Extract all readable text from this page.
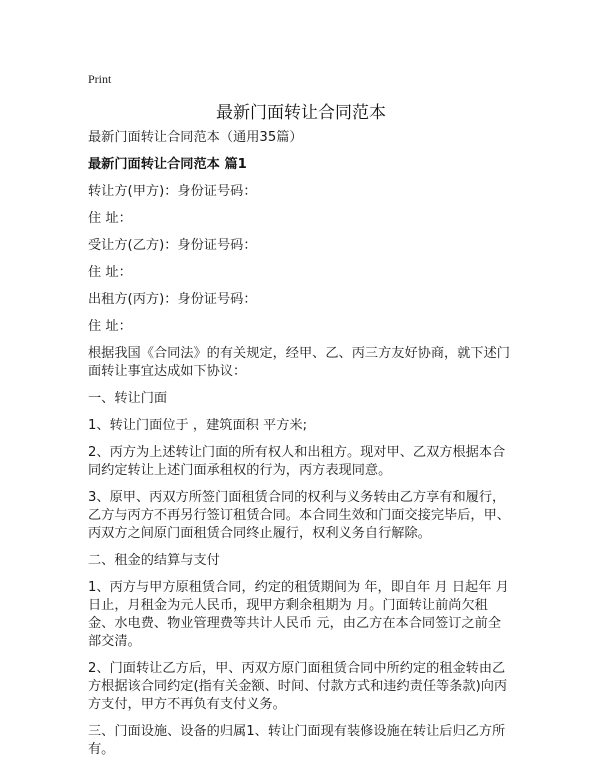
Print
最新门面转让合同范本

最新门面转让合同范本（通用35篇）

最新门面转让合同范本 篇1

转让方(甲方)：身份证号码：

住 址：

受让方(乙方)：身份证号码：

住 址：

出租方(丙方)：身份证号码：

住 址：

根据我国《合同法》的有关规定，经甲、乙、丙三方友好协商，就下述门面转让事宜达成如下协议：

一、转让门面

1、转让门面位于 ，建筑面积 平方米;

2、丙方为上述转让门面的所有权人和出租方。现对甲、乙双方根据本合同约定转让上述门面承租权的行为，丙方表现同意。

3、原甲、丙双方所签门面租赁合同的权利与义务转由乙方享有和履行，乙方与丙方不再另行签订租赁合同。本合同生效和门面交接完毕后，甲、丙双方之间原门面租赁合同终止履行，权利义务自行解除。

二、租金的结算与支付

1、丙方与甲方原租赁合同，约定的租赁期间为 年，即自年 月 日起年 月 日止，月租金为元人民币，现甲方剩余租期为 月。门面转让前尚欠租金、水电费、物业管理费等共计人民币 元，由乙方在本合同签订之前全部交清。

2、门面转让乙方后，甲、丙双方原门面租赁合同中所约定的租金转由乙方根据该合同约定(指有关金额、时间、付款方式和违约责任等条款)向丙方支付，甲方不再负有支付义务。

三、门面设施、设备的归属1、转让门面现有装修设施在转让后归乙方所有。
